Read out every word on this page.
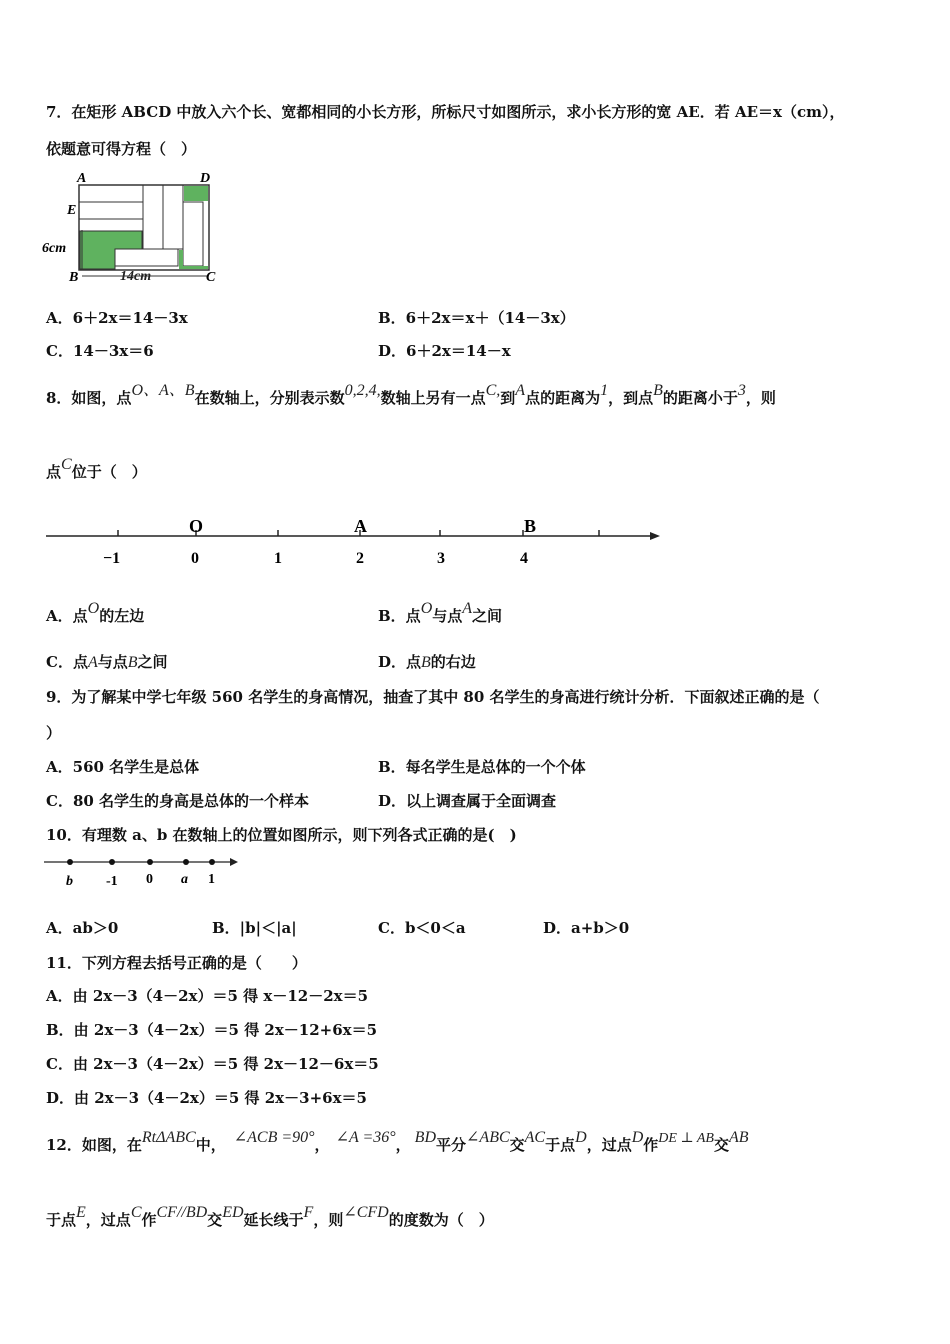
7．在矩形 ABCD 中放入六个长、宽都相同的小长方形，所标尺寸如图所示，求小长方形的宽 AE．若 AE＝x（cm），
依题意可得方程（　）
A	D
E
B	C
6cm
14cm
A．6＋2x＝14－3x	B．6＋2x＝x＋（14－3x）
C．14－3x＝6	D．6＋2x＝14－x
8．如图，点O、A、B在数轴上，分别表示数0,2,4,数轴上另有一点C,到A点的距离为1，到点B的距离小于3，则
点C位于（　）
O	A	B
−1	0	1	2	3	4
A．点O的左边	B．点O与点A之间
C．点A与点B之间	D．点B的右边
9．为了解某中学七年级 560 名学生的身高情况，抽查了其中 80 名学生的身高进行统计分析．下面叙述正确的是（
）
A．560 名学生是总体	B．每名学生是总体的一个个体
C．80 名学生的身高是总体的一个样本	D．以上调查属于全面调查
10．有理数 a、b 在数轴上的位置如图所示，则下列各式正确的是(　)
b -1 0 a 1
A．ab＞0	B．|b|＜|a|	C．b＜0＜a	D．a+b＞0
11．下列方程去括号正确的是（　　）
A．由 2x－3（4－2x）＝5 得 x－12－2x＝5
B．由 2x－3（4－2x）＝5 得 2x－12+6x＝5
C．由 2x－3（4－2x）＝5 得 2x－12－6x＝5
D．由 2x－3（4－2x）＝5 得 2x－3+6x＝5
12．如图，在RtΔABC中， ∠ACB =90°， ∠A =36°， BD平分∠ABC交AC于点D，过点D作DE ⊥ AB交AB
于点E，过点C作CF//BD交ED延长线于F，则∠CFD的度数为（　）
